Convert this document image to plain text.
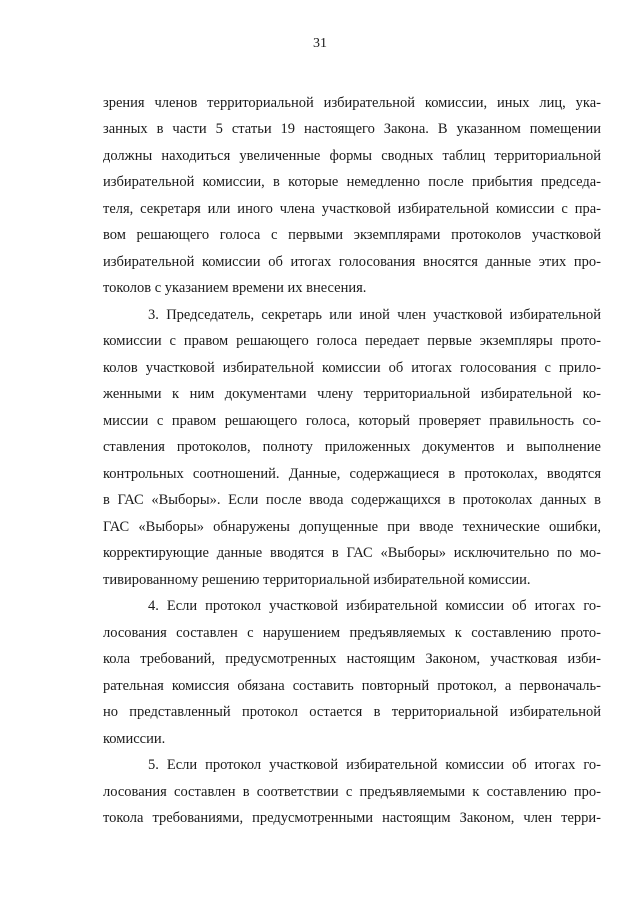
31
зрения членов территориальной избирательной комиссии, иных лиц, ука-
занных в части 5 статьи 19 настоящего Закона. В указанном помещении
должны находиться увеличенные формы сводных таблиц территориальной
избирательной комиссии, в которые немедленно после прибытия председа-
теля, секретаря или иного члена участковой избирательной комиссии с пра-
вом решающего голоса с первыми экземплярами протоколов участковой
избирательной комиссии об итогах голосования вносятся данные этих про-
токолов с указанием времени их внесения.
3. Председатель, секретарь или иной член участковой избирательной
комиссии с правом решающего голоса передает первые экземпляры прото-
колов участковой избирательной комиссии об итогах голосования с прило-
женными к ним документами члену территориальной избирательной ко-
миссии с правом решающего голоса, который проверяет правильность со-
ставления протоколов, полноту приложенных документов и выполнение
контрольных соотношений. Данные, содержащиеся в протоколах, вводятся
в ГАС «Выборы». Если после ввода содержащихся в протоколах данных в
ГАС «Выборы» обнаружены допущенные при вводе технические ошибки,
корректирующие данные вводятся в ГАС «Выборы» исключительно по мо-
тивированному решению территориальной избирательной комиссии.
4. Если протокол участковой избирательной комиссии об итогах го-
лосования составлен с нарушением предъявляемых к составлению прото-
кола требований, предусмотренных настоящим Законом, участковая изби-
рательная комиссия обязана составить повторный протокол, а первоначаль-
но представленный протокол остается в территориальной избирательной
комиссии.
5. Если протокол участковой избирательной комиссии об итогах го-
лосования составлен в соответствии с предъявляемыми к составлению про-
токола требованиями, предусмотренными настоящим Законом, член терри-
